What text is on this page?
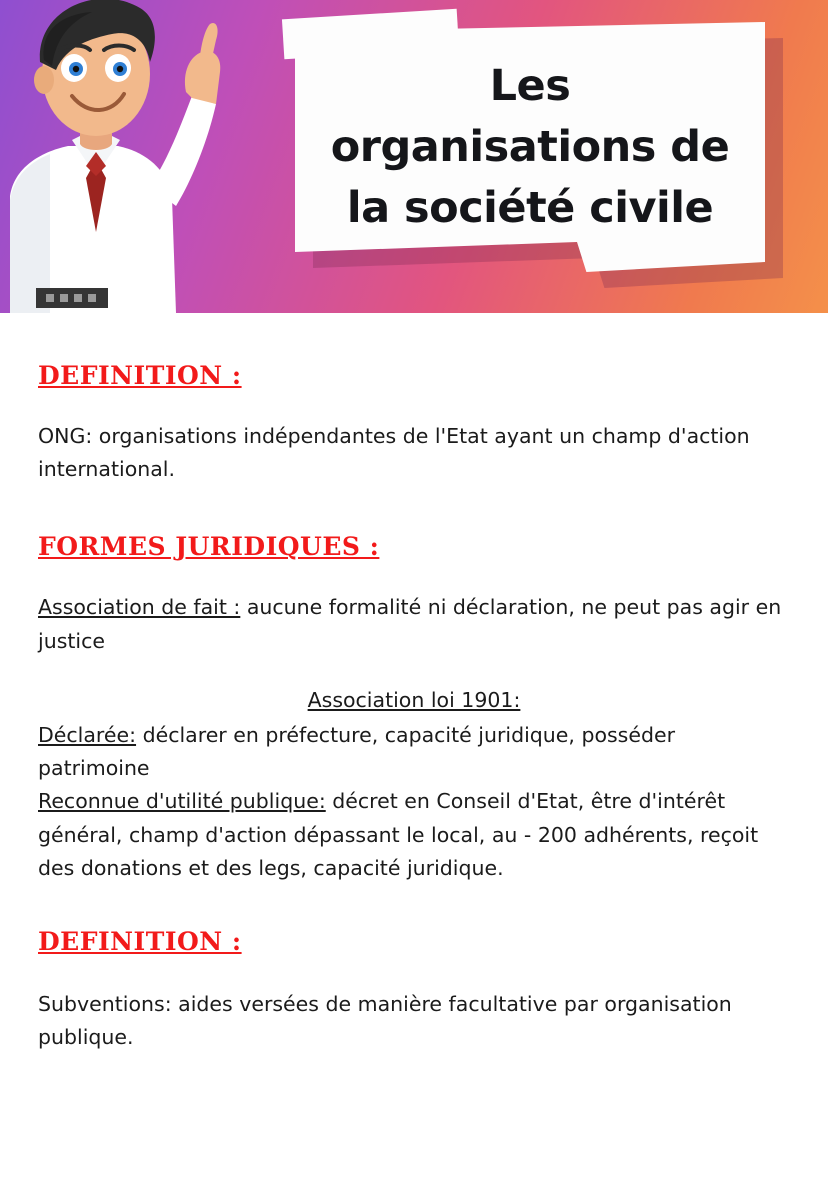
Les
organisations de
la société civile
DEFINITION :

ONG: organisations indépendantes de l'Etat ayant un champ d'action international.

FORMES JURIDIQUES :

Association de fait : aucune formalité ni déclaration, ne peut pas agir en justice

Association loi 1901:

Déclarée: déclarer en préfecture, capacité juridique, posséder patrimoine

Reconnue d'utilité publique: décret en Conseil d'Etat, être d'intérêt général, champ d'action dépassant le local, au - 200 adhérents, reçoit des donations et des legs, capacité juridique.

DEFINITION :

Subventions: aides versées de manière facultative par organisation publique.
